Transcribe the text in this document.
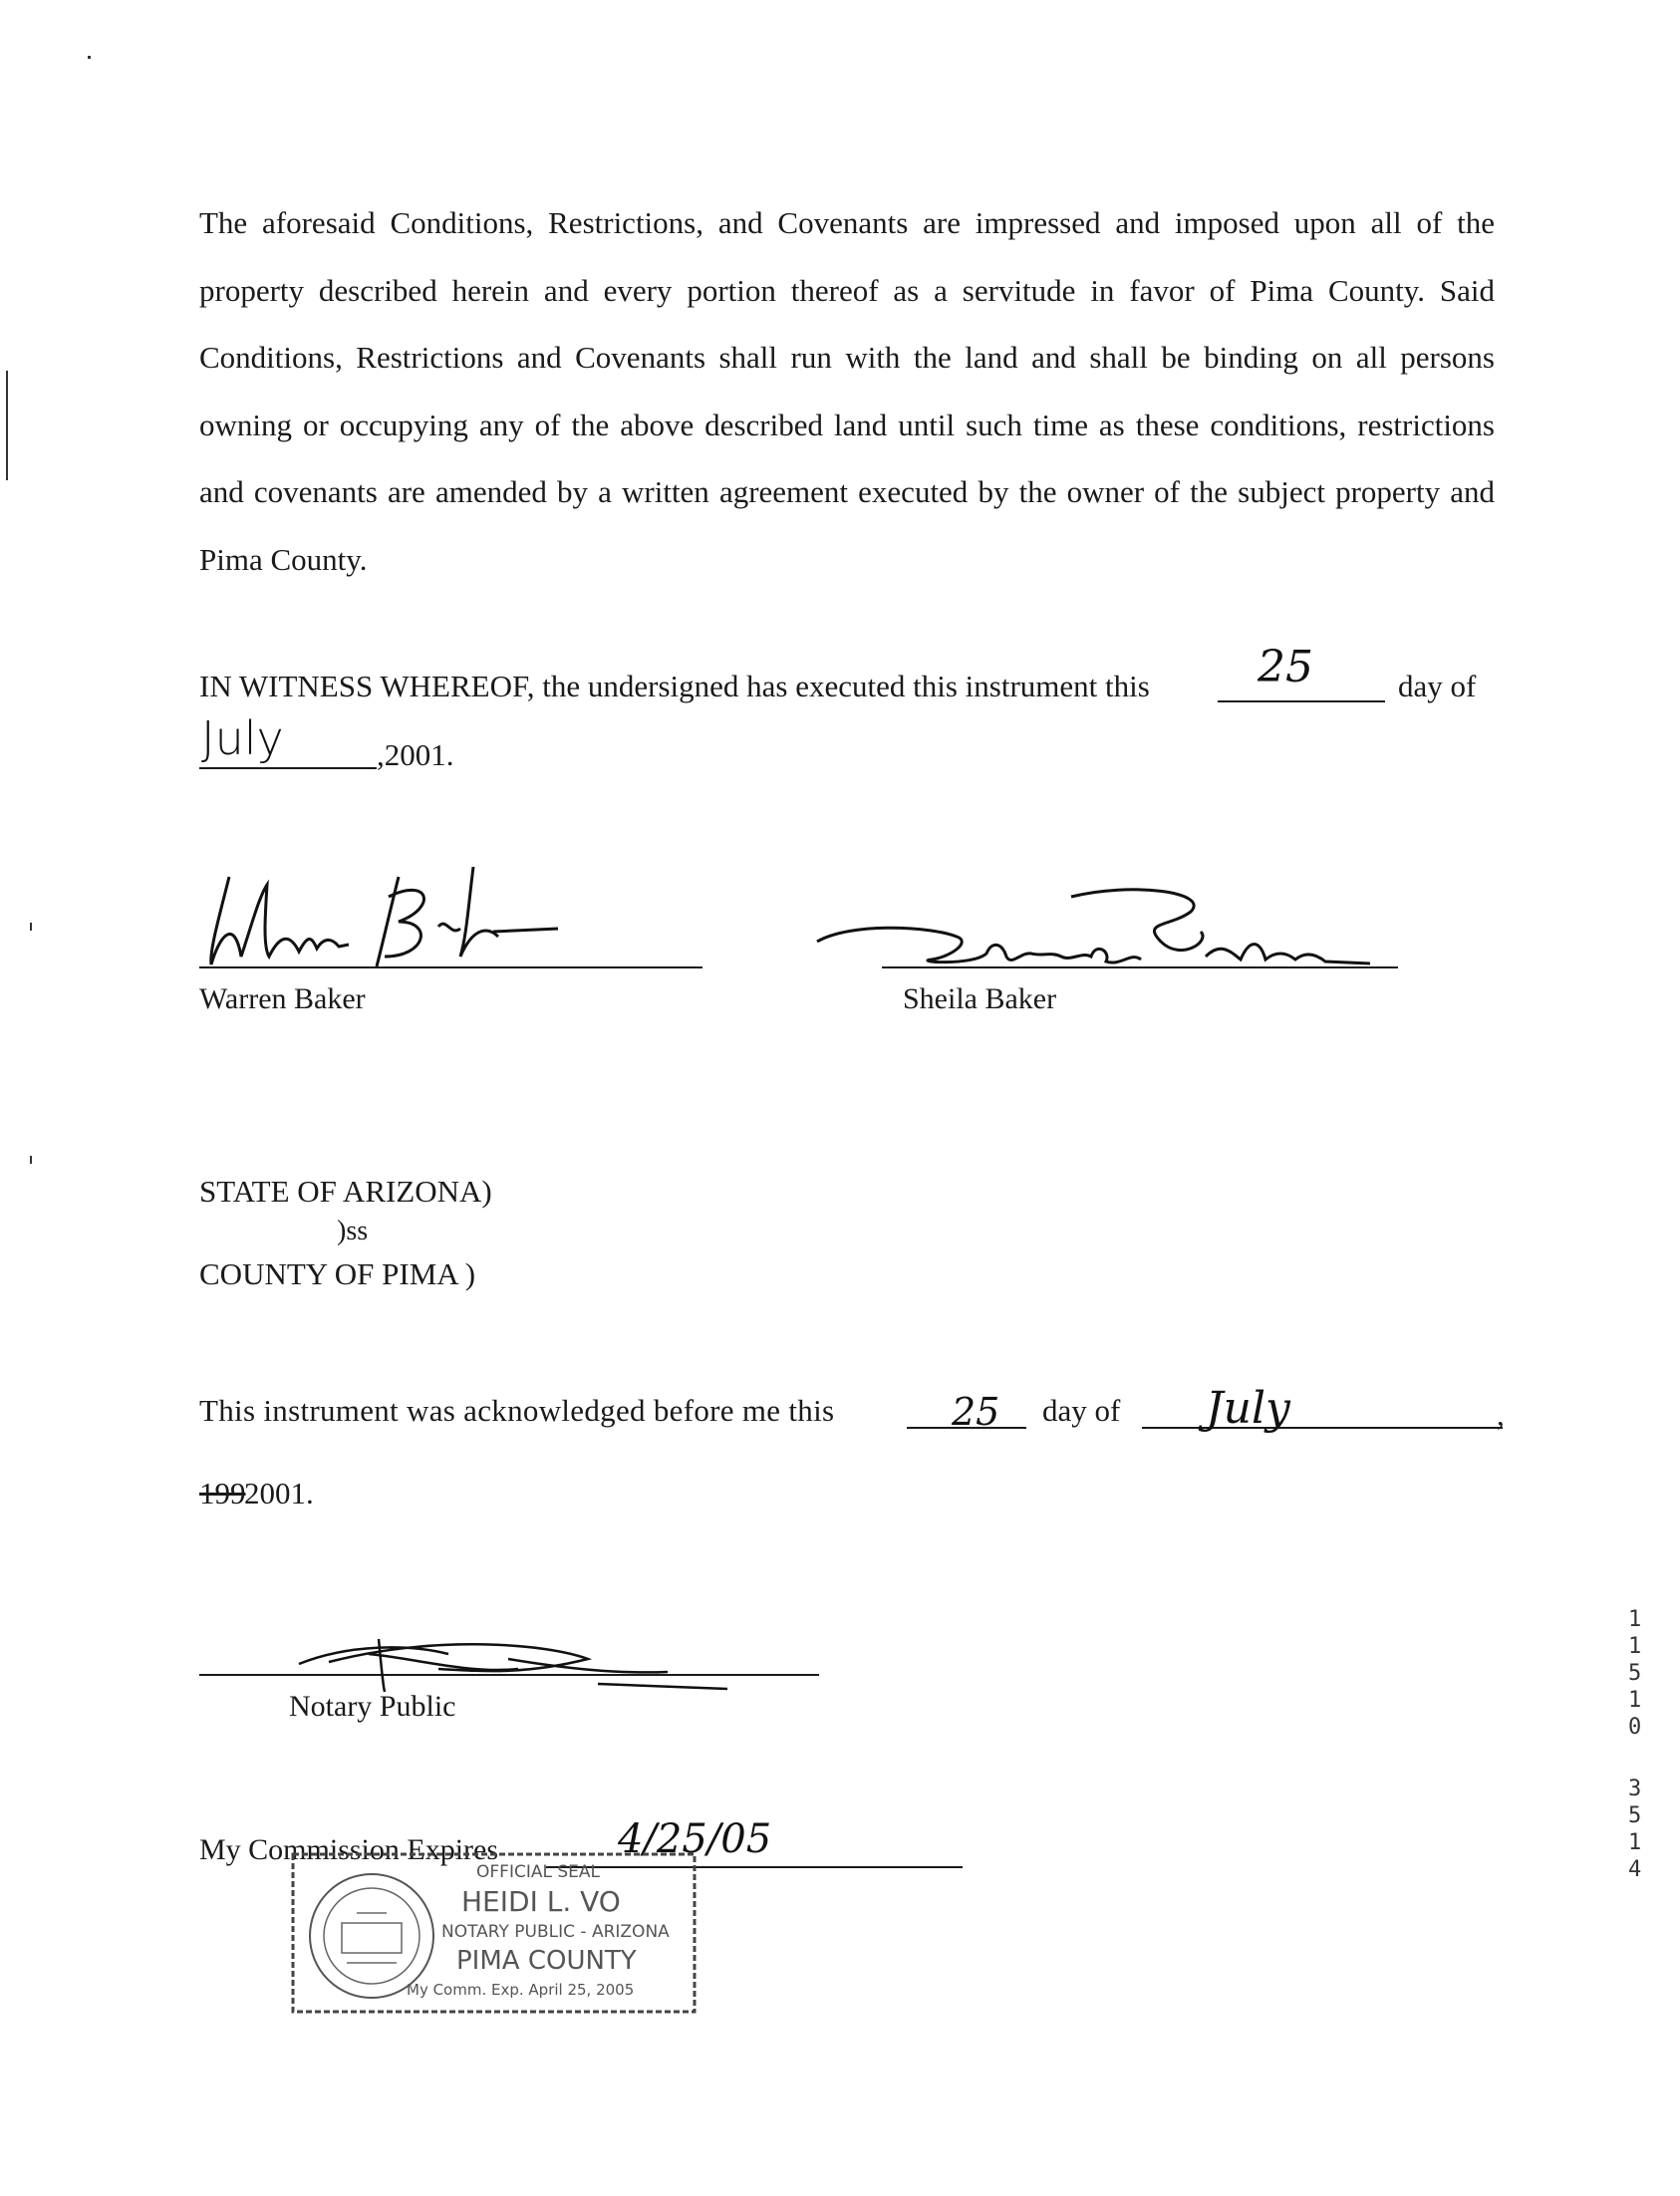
The aforesaid Conditions, Restrictions, and Covenants are impressed and imposed upon all of the property described herein and every portion thereof as a servitude in favor of Pima County. Said Conditions, Restrictions and Covenants shall run with the land and shall be binding on all persons owning or occupying any of the above described land until such time as these conditions, restrictions and covenants are amended by a written agreement executed by the owner of the subject property and Pima County.

IN WITNESS WHEREOF, the undersigned has executed this instrument this 25	day of
July	,2001.
Warren Baker	Sheila Baker
STATE OF ARIZONA)
)ss
COUNTY OF PIMA )
This instrument was acknowledged before me this	25 day of July	,
199
2001.
Notary Public
My Commission Expires	4/25/05
OFFICIAL SEAL
HEIDI L. VO
NOTARY PUBLIC - ARIZONA
PIMA COUNTY
My Comm. Exp. April 25, 2005
1
1
5
1
0
3
5
1
4
